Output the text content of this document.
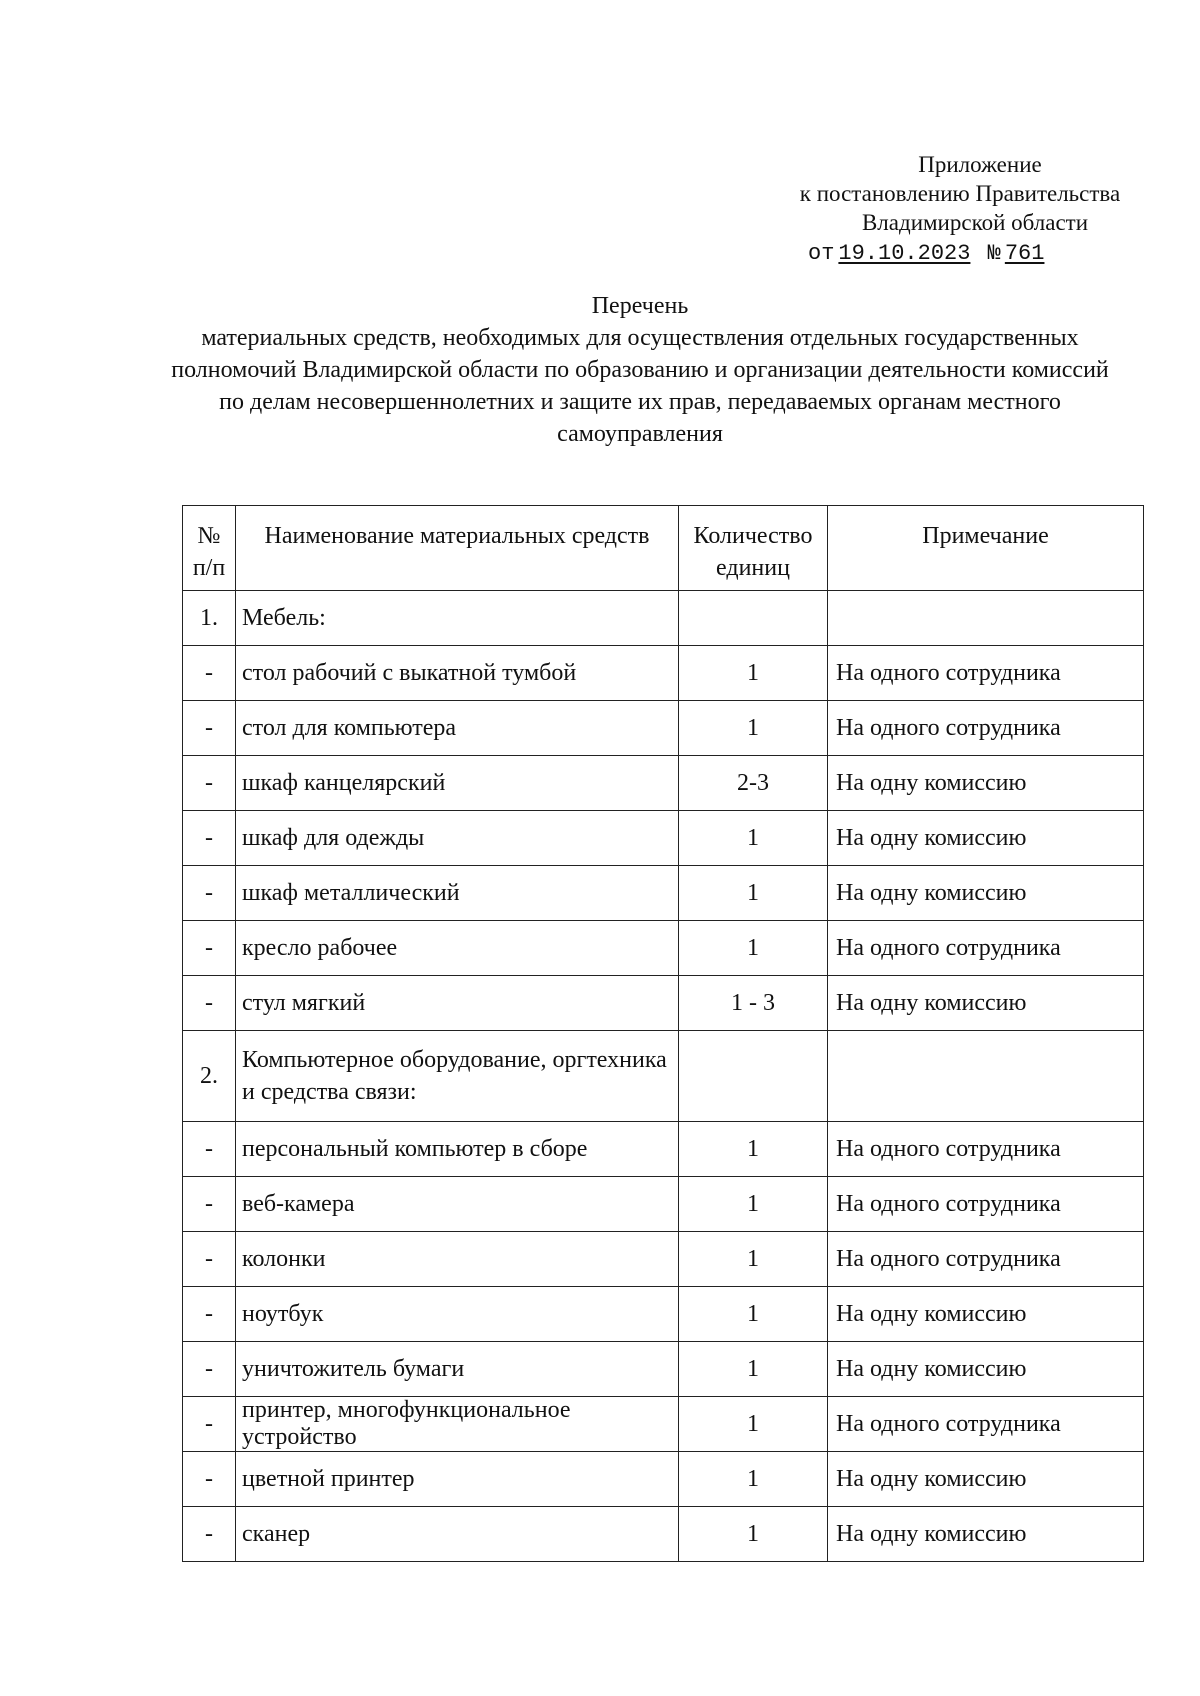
Приложение
к постановлению Правительства
Владимирской области
от 19.10.2023 № 761
Перечень
материальных средств, необходимых для осуществления отдельных государственных полномочий Владимирской области по образованию и организации деятельности комиссий по делам несовершеннолетних и защите их прав, передаваемых органам местного самоуправления
№ п/п	Наименование материальных средств	Количество единиц	Примечание
1.	Мебель:		
-	стол рабочий с выкатной тумбой	1	На одного сотрудника
-	стол для компьютера	1	На одного сотрудника
-	шкаф канцелярский	2-3	На одну комиссию
-	шкаф для одежды	1	На одну комиссию
-	шкаф металлический	1	На одну комиссию
-	кресло рабочее	1	На одного сотрудника
-	стул мягкий	1 - 3	На одну комиссию
2.	Компьютерное оборудование, оргтехника и средства связи:		
-	персональный компьютер в сборе	1	На одного сотрудника
-	веб-камера	1	На одного сотрудника
-	колонки	1	На одного сотрудника
-	ноутбук	1	На одну комиссию
-	уничтожитель бумаги	1	На одну комиссию
-	принтер, многофункциональное устройство	1	На одного сотрудника
-	цветной принтер	1	На одну комиссию
-	сканер	1	На одну комиссию
